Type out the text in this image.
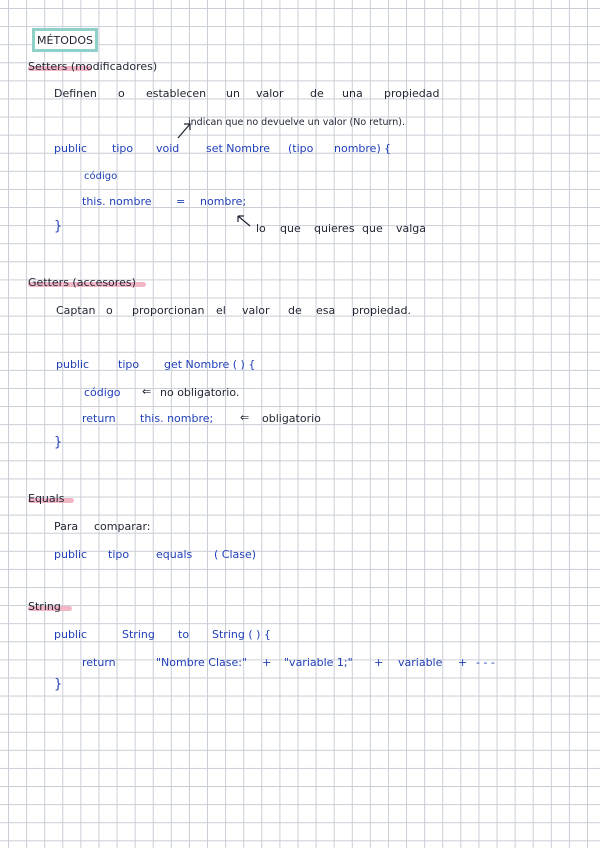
MÉTODOS
Setters (modificadores)
Definen o establecen un valor de una propiedad
indican que no devuelve un valor (No return).
public tipo void set Nombre (tipo nombre) {
código
this. nombre = nombre;
}	lo que quieres que valga
Getters (accesores)
Captan o proporcionan el valor de esa propiedad.
public	tipo get Nombre ( ) {
código ⇐ no obligatorio.
return this. nombre; ⇐ obligatorio
}
Equals
Para comparar:
public tipo equals ( Clase)
String
public	String to String ( ) {
return	"Nombre Clase:" + "variable 1;" + variable + - - -
}
